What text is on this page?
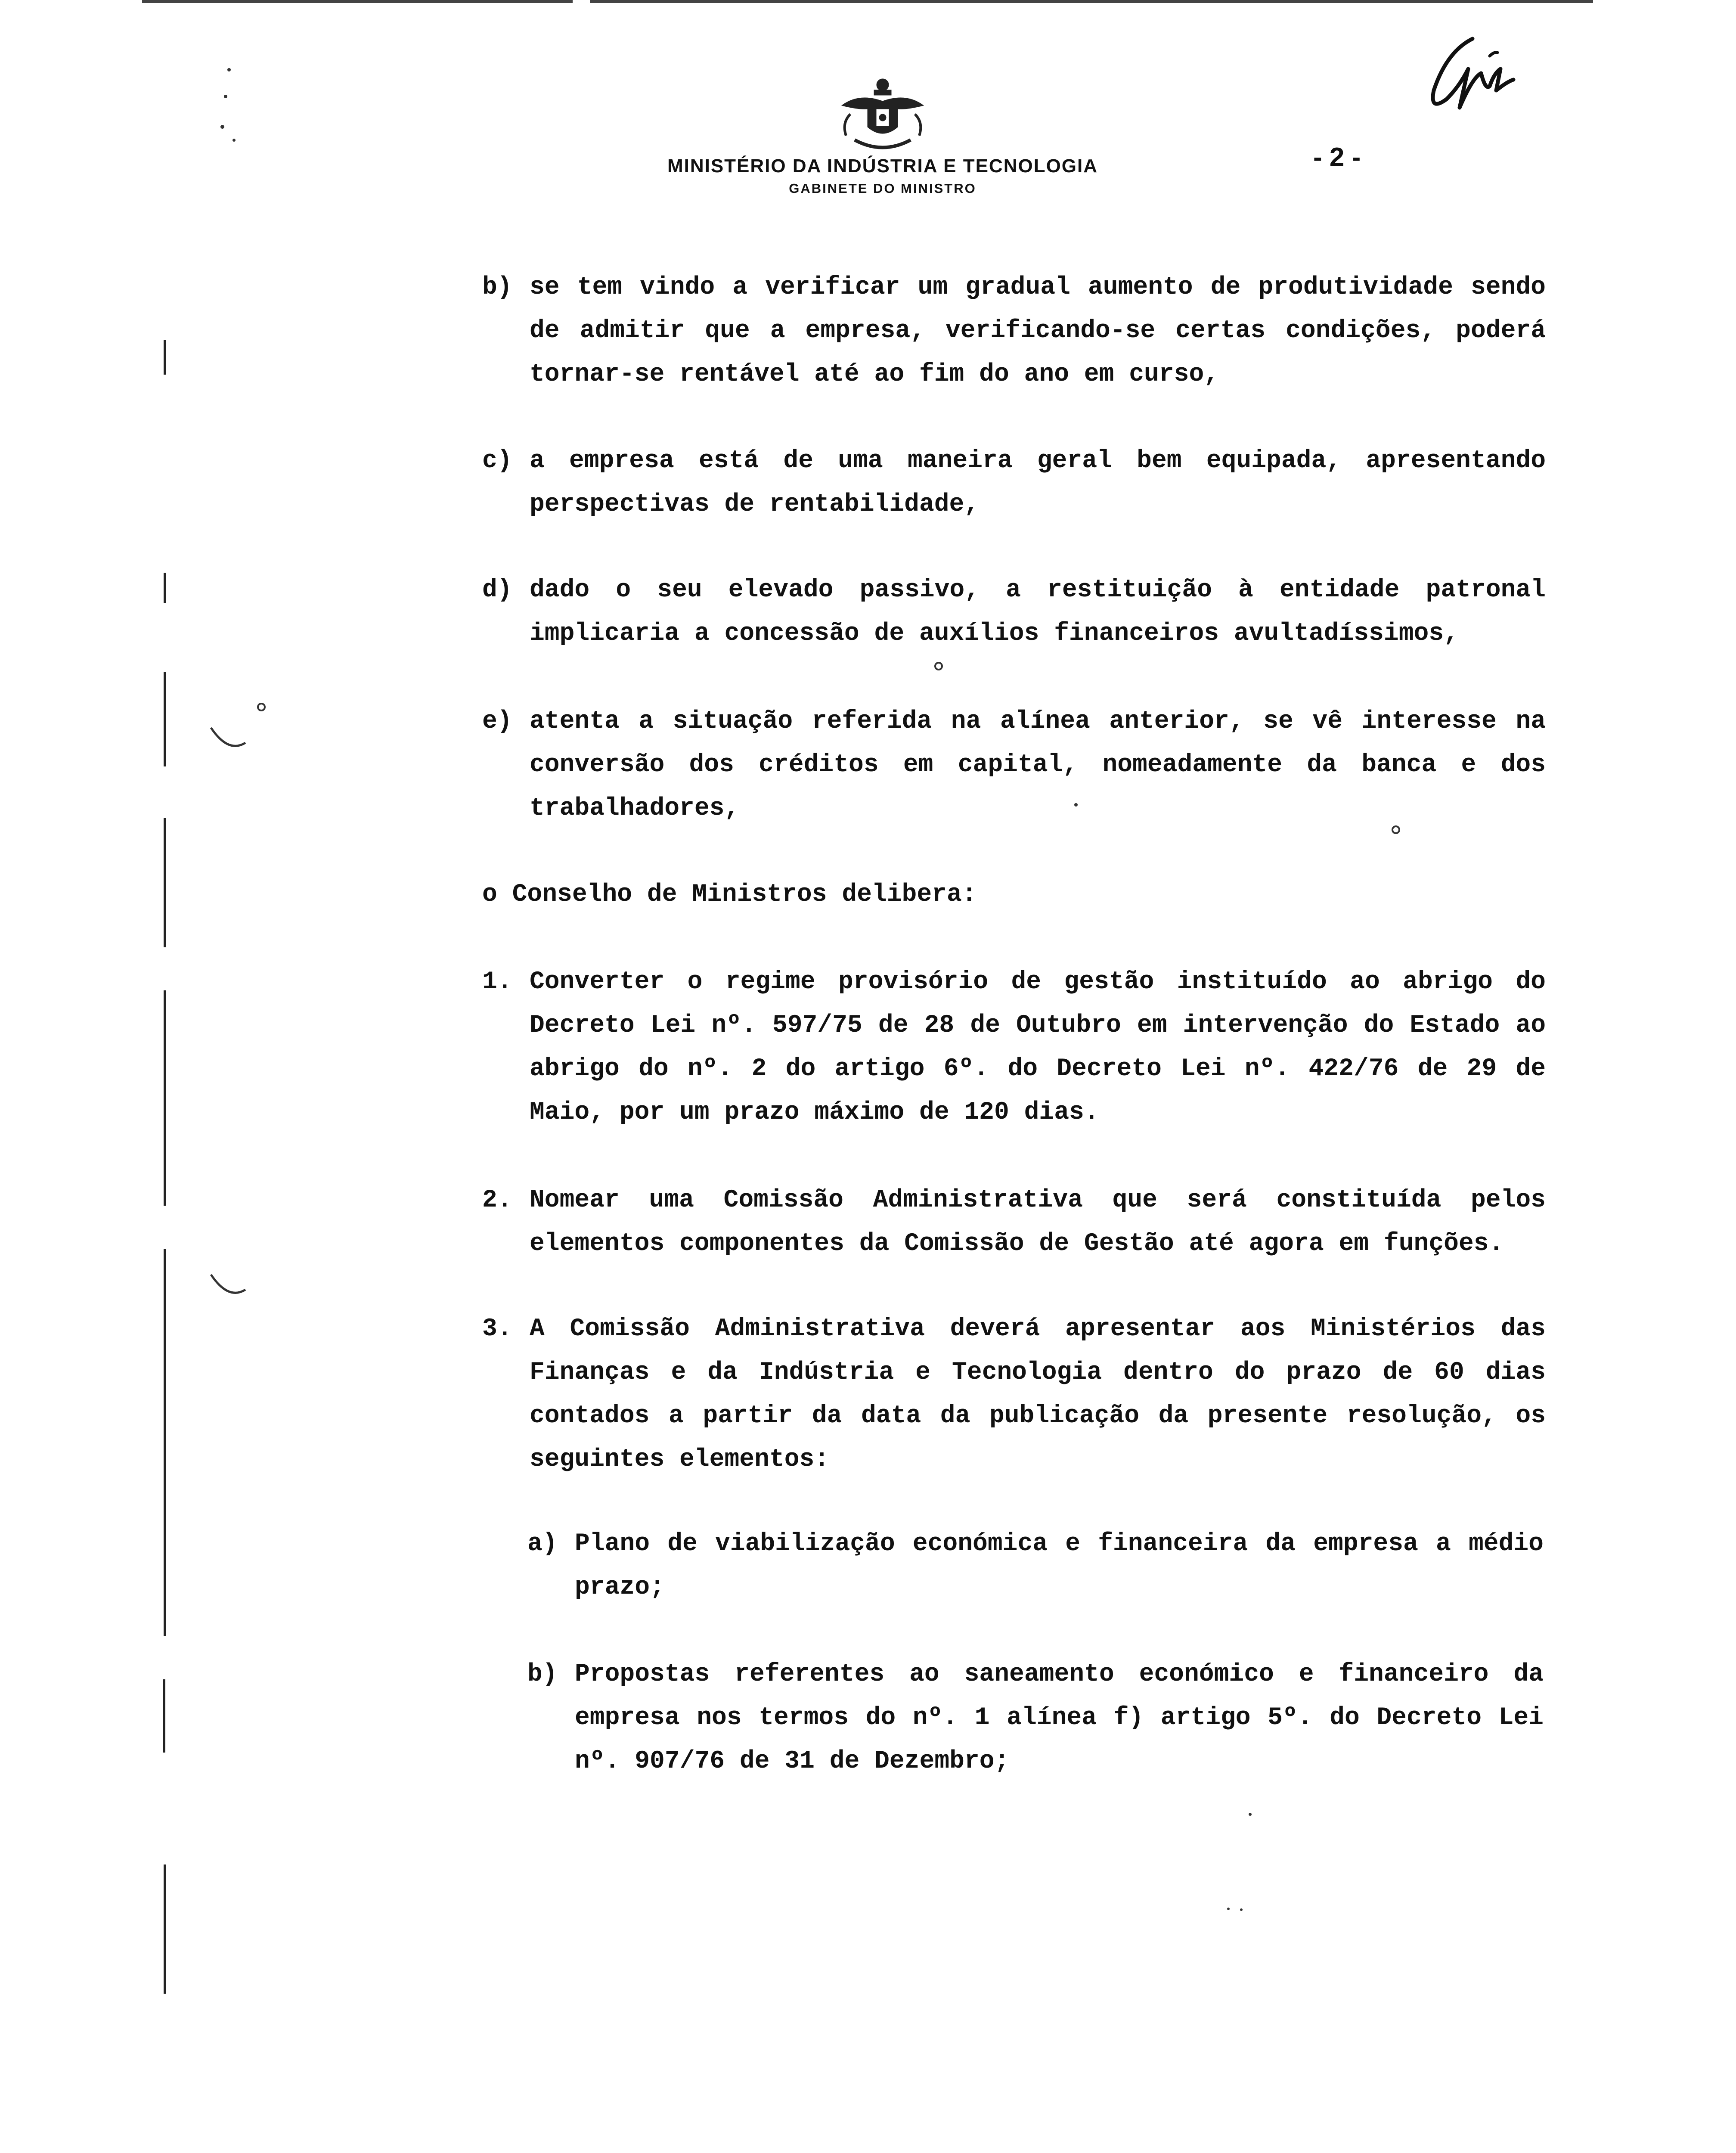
MINISTÉRIO DA INDÚSTRIA E TECNOLOGIA
GABINETE DO MINISTRO
- 2 -
b) se tem vindo a verificar um gradual aumento de produtividade sendo de admitir que a empresa, verificando-se certas condições, poderá tornar-se rentável até ao fim do ano em curso,
c) a empresa está de uma maneira geral bem equipada, apresentando perspectivas de rentabilidade,
d) dado o seu elevado passivo, a restituição à entidade patronal implicaria a concessão de auxílios financeiros avultadíssimos,
e) atenta a situação referida na alínea anterior, se vê interesse na conversão dos créditos em capital, nomeadamente da banca e dos trabalhadores,
o Conselho de Ministros delibera:
1. Converter o regime provisório de gestão instituído ao abrigo do Decreto Lei nº. 597/75 de 28 de Outubro em intervenção do Estado ao abrigo do nº. 2 do artigo 6º. do Decreto Lei nº. 422/76 de 29 de Maio, por um prazo máximo de 120 dias.
2. Nomear uma Comissão Administrativa que será constituída pelos elementos componentes da Comissão de Gestão até agora em funções.
3. A Comissão Administrativa deverá apresentar aos Ministérios das Finanças e da Indústria e Tecnologia dentro do prazo de 60 dias contados a partir da data da publicação da presente resolução, os seguintes elementos:
a) Plano de viabilização económica e financeira da empresa a médio prazo;
b) Propostas referentes ao saneamento económico e financeiro da empresa nos termos do nº. 1 alínea f) artigo 5º. do Decreto Lei nº. 907/76 de 31 de Dezembro;
